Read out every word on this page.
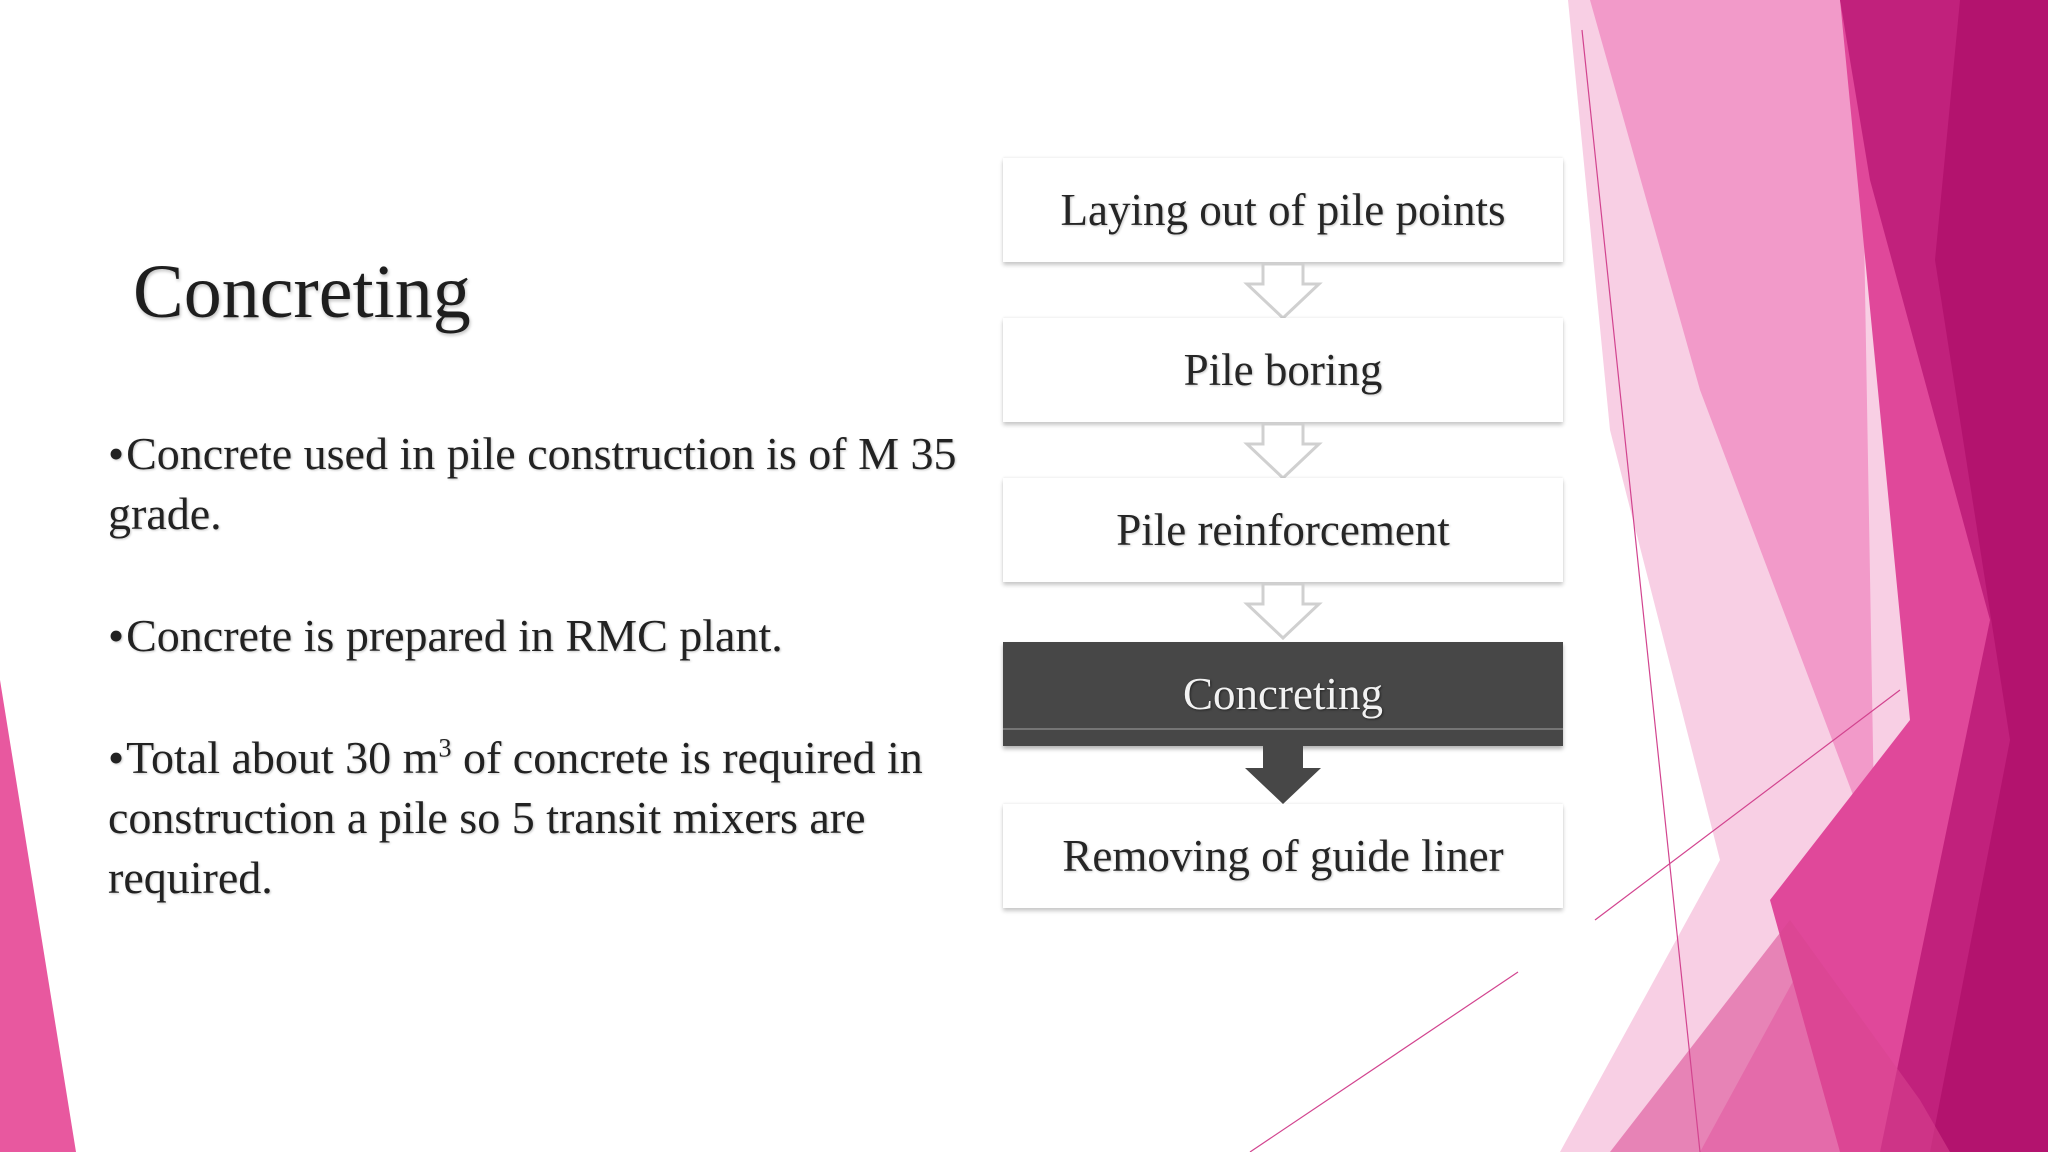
Concreting
•Concrete used in pile construction is of M 35 grade.
•Concrete is prepared in RMC plant.
•Total about 30 $m^3$ of concrete is required in construction a pile so 5 transit mixers are required.
Laying out of pile points
Pile boring
Pile reinforcement
Concreting
Removing of guide liner
